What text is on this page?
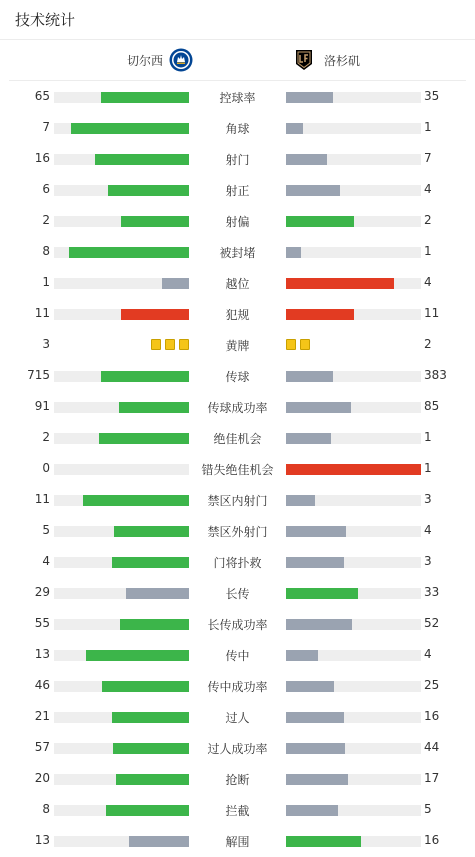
技术统计
切尔西	洛杉矶
65	控球率	35
7	角球	1
16	射门	7
6	射正	4
2	射偏	2
8	被封堵	1
1	越位	4
11	犯规	11
3	黄牌	2
715	传球	383
91	传球成功率	85
2	绝佳机会	1
0	错失绝佳机会	1
11	禁区内射门	3
5	禁区外射门	4
4	门将扑救	3
29	长传	33
55	长传成功率	52
13	传中	4
46	传中成功率	25
21	过人	16
57	过人成功率	44
20	抢断	17
8	拦截	5
13	解围	16
